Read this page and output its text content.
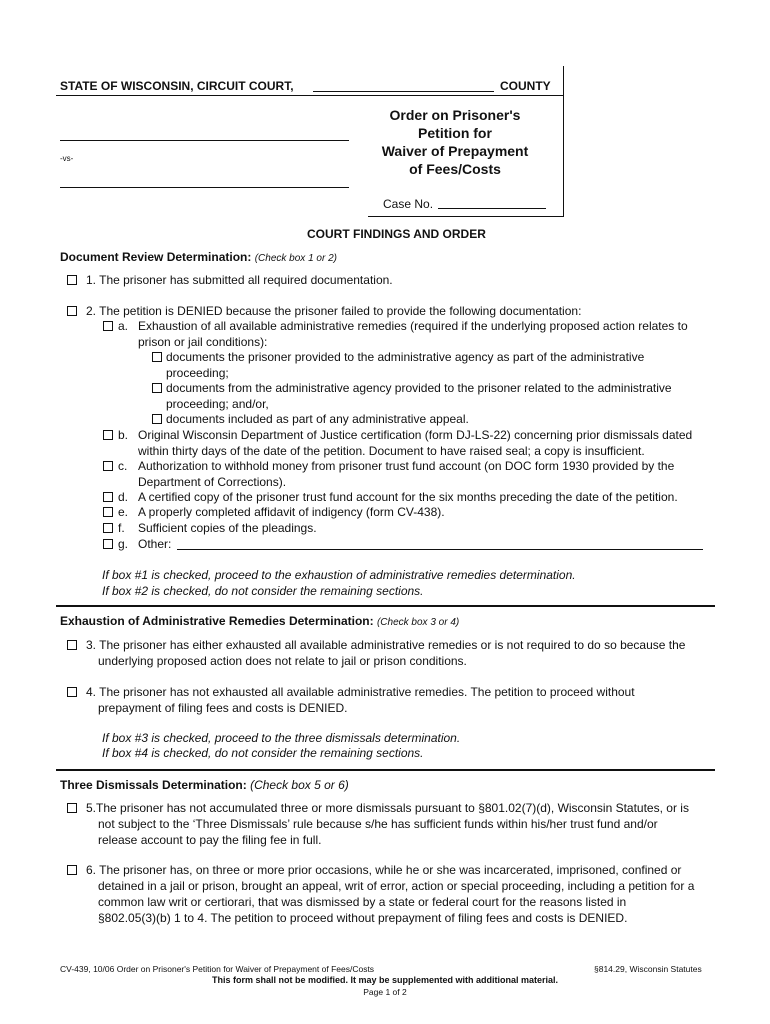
STATE OF WISCONSIN, CIRCUIT COURT,	COUNTY
-vs-
Order on Prisoner's
Petition for
Waiver of Prepayment
of Fees/Costs
Case No.
COURT FINDINGS AND ORDER
Document Review Determination: (Check box 1 or 2)
1. The prisoner has submitted all required documentation.
2. The petition is DENIED because the prisoner failed to provide the following documentation:
a. Exhaustion of all available administrative remedies (required if the underlying proposed action relates to
prison or jail conditions):
documents the prisoner provided to the administrative agency as part of the administrative
proceeding;
documents from the administrative agency provided to the prisoner related to the administrative
proceeding; and/or,
documents included as part of any administrative appeal.
b. Original Wisconsin Department of Justice certification (form DJ-LS-22) concerning prior dismissals dated
within thirty days of the date of the petition. Document to have raised seal; a copy is insufficient.
c. Authorization to withhold money from prisoner trust fund account (on DOC form 1930 provided by the
Department of Corrections).
d. A certified copy of the prisoner trust fund account for the six months preceding the date of the petition.
e. A properly completed affidavit of indigency (form CV-438).
f. Sufficient copies of the pleadings.
g. Other:
If box #1 is checked, proceed to the exhaustion of administrative remedies determination.
If box #2 is checked, do not consider the remaining sections.
Exhaustion of Administrative Remedies Determination: (Check box 3 or 4)
3. The prisoner has either exhausted all available administrative remedies or is not required to do so because the
underlying proposed action does not relate to jail or prison conditions.
4. The prisoner has not exhausted all available administrative remedies. The petition to proceed without
prepayment of filing fees and costs is DENIED.
If box #3 is checked, proceed to the three dismissals determination.
If box #4 is checked, do not consider the remaining sections.
Three Dismissals Determination: (Check box 5 or 6)
5.The prisoner has not accumulated three or more dismissals pursuant to §801.02(7)(d), Wisconsin Statutes, or is
not subject to the ‘Three Dismissals’ rule because s/he has sufficient funds within his/her trust fund and/or
release account to pay the filing fee in full.
6. The prisoner has, on three or more prior occasions, while he or she was incarcerated, imprisoned, confined or
detained in a jail or prison, brought an appeal, writ of error, action or special proceeding, including a petition for a
common law writ or certiorari, that was dismissed by a state or federal court for the reasons listed in
§802.05(3)(b) 1 to 4. The petition to proceed without prepayment of filing fees and costs is DENIED.
CV-439, 10/06 Order on Prisoner's Petition for Waiver of Prepayment of Fees/Costs	§814.29, Wisconsin Statutes
This form shall not be modified. It may be supplemented with additional material.
Page 1 of 2
